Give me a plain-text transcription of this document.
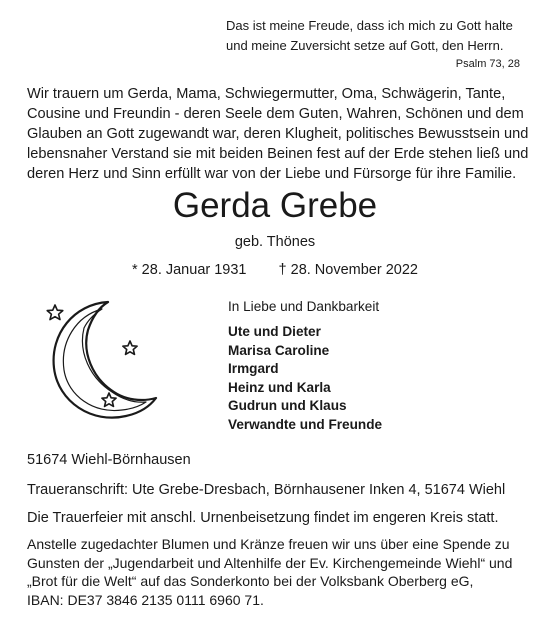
Das ist meine Freude, dass ich mich zu Gott halte
und meine Zuversicht setze auf Gott, den Herrn.
Psalm 73, 28
Wir trauern um Gerda, Mama, Schwiegermutter, Oma, Schwägerin, Tante,
Cousine und Freundin - deren Seele dem Guten, Wahren, Schönen und dem
Glauben an Gott zugewandt war, deren Klugheit, politisches Bewusstsein und
lebensnaher Verstand sie mit beiden Beinen fest auf der Erde stehen ließ und
deren Herz und Sinn erfüllt war von der Liebe und Fürsorge für ihre Familie.
Gerda Grebe
geb. Thönes
* 28. Januar 1931 † 28. November 2022
In Liebe und Dankbarkeit
Ute und Dieter
Marisa Caroline
Irmgard
Heinz und Karla
Gudrun und Klaus
Verwandte und Freunde
51674 Wiehl-Börnhausen
Traueranschrift: Ute Grebe-Dresbach, Börnhausener Inken 4, 51674 Wiehl
Die Trauerfeier mit anschl. Urnenbeisetzung findet im engeren Kreis statt.
Anstelle zugedachter Blumen und Kränze freuen wir uns über eine Spende zu
Gunsten der „Jugendarbeit und Altenhilfe der Ev. Kirchengemeinde Wiehl“ und
„Brot für die Welt“ auf das Sonderkonto bei der Volksbank Oberberg eG,
IBAN: DE37 3846 2135 0111 6960 71.
